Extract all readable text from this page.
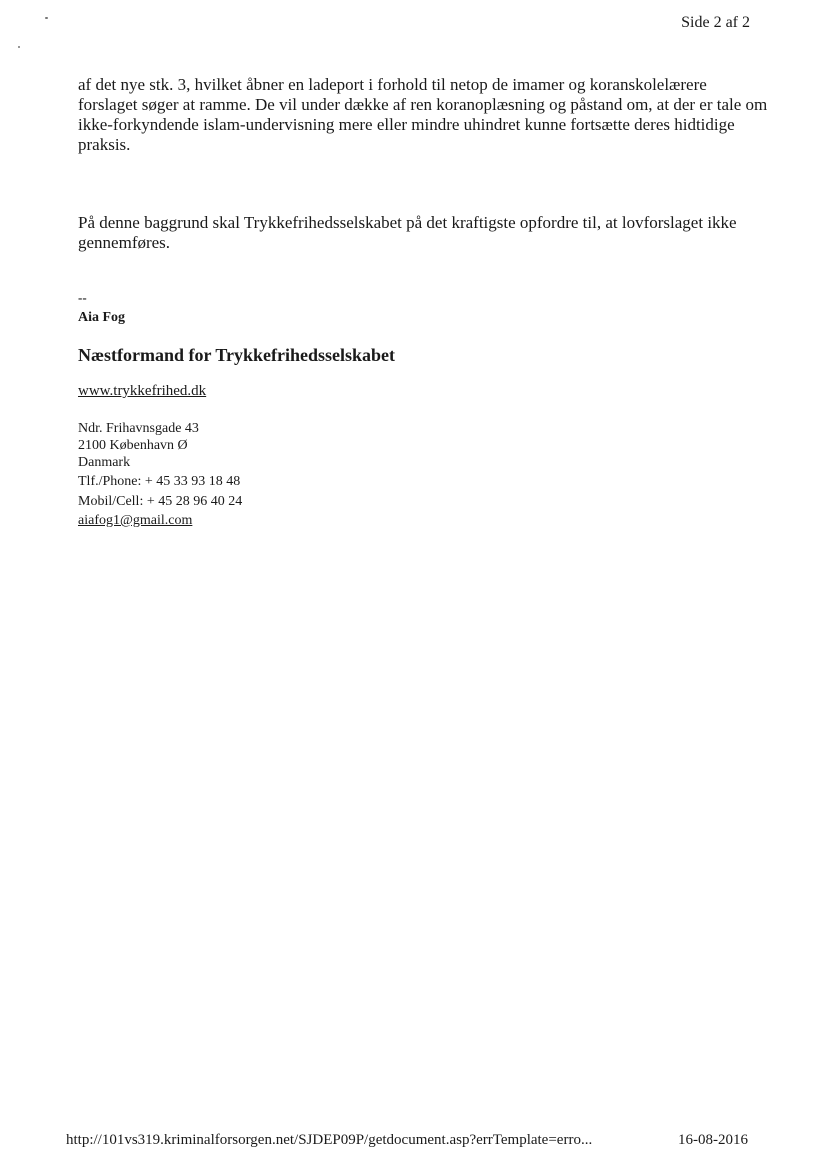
Side 2 af 2

af det nye stk. 3, hvilket åbner en ladeport i forhold til netop de imamer og koranskolelærere forslaget søger at ramme. De vil under dække af ren koranoplæsning og påstand om, at der er tale om ikke-forkyndende islam-undervisning mere eller mindre uhindret kunne fortsætte deres hidtidige praksis.

På denne baggrund skal Trykkefrihedsselskabet på det kraftigste opfordre til, at lovforslaget ikke gennemføres.

--
Aia Fog
Næstformand for Trykkefrihedsselskabet
www.trykkefrihed.dk
Ndr. Frihavnsgade 43
2100 København Ø
Danmark
Tlf./Phone: + 45 33 93 18 48
Mobil/Cell: + 45 28 96 40 24
aiafog1@gmail.com
http://101vs319.kriminalforsorgen.net/SJDEP09P/getdocument.asp?errTemplate=erro...	16-08-2016
